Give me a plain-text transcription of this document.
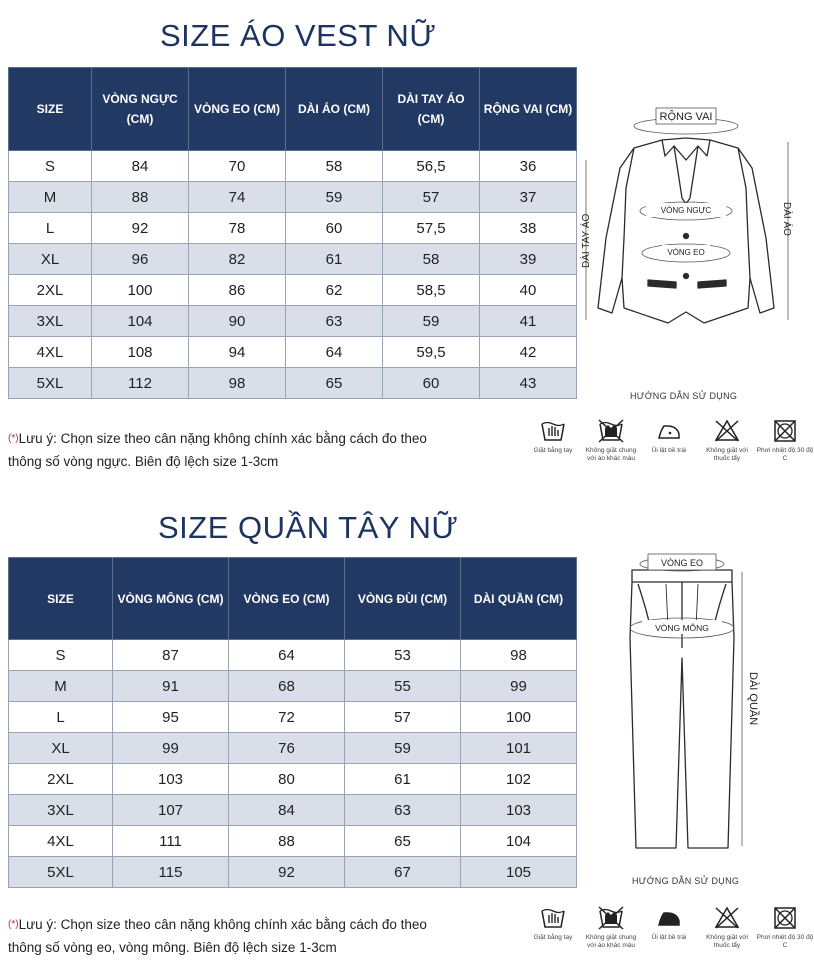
SIZE ÁO VEST NỮ
SIZE	VÒNG NGỰC (CM)	VÒNG EO (CM)	DÀI ÁO (CM)	DÀI TAY ÁO (CM)	RỘNG VAI (CM)
S	84	70	58	56,5	36
M	88	74	59	57	37
L	92	78	60	57,5	38
XL	96	82	61	58	39
2XL	100	86	62	58,5	40
3XL	104	90	63	59	41
4XL	108	94	64	59,5	42
5XL	112	98	65	60	43
(*)Lưu ý: Chọn size theo cân nặng không chính xác bằng cách đo theo
thông số vòng ngực. Biên độ lệch size 1-3cm
RỘNG VAI
VÒNG NGỰC
VÒNG EO
DÀI TAY ÁO	DÀI ÁO
HƯỚNG DẪN SỬ DỤNG
Giặt bằng tay	Không giặt chung với áo khác màu
Ủi lật bề trái	Không giặt với thuốc tẩy
Phơi nhiệt độ 30 độ C
SIZE QUẦN TÂY NỮ
SIZE	VÒNG MÔNG (CM)	VÒNG EO (CM)	VÒNG ĐÙI (CM)	DÀI QUẦN (CM)
S	87	64	53	98
M	91	68	55	99
L	95	72	57	100
XL	99	76	59	101
2XL	103	80	61	102
3XL	107	84	63	103
4XL	111	88	65	104
5XL	115	92	67	105
(*)Lưu ý: Chọn size theo cân nặng không chính xác bằng cách đo theo
thông số vòng eo, vòng mông. Biên độ lệch size 1-3cm
VÒNG EO
VÒNG MÔNG
DÀI QUẦN
HƯỚNG DẪN SỬ DỤNG
Giặt bằng tay	Không giặt chung với áo khác màu
Ủi lật bề trái	Không giặt với thuốc tẩy
Phơi nhiệt độ 30 độ C
